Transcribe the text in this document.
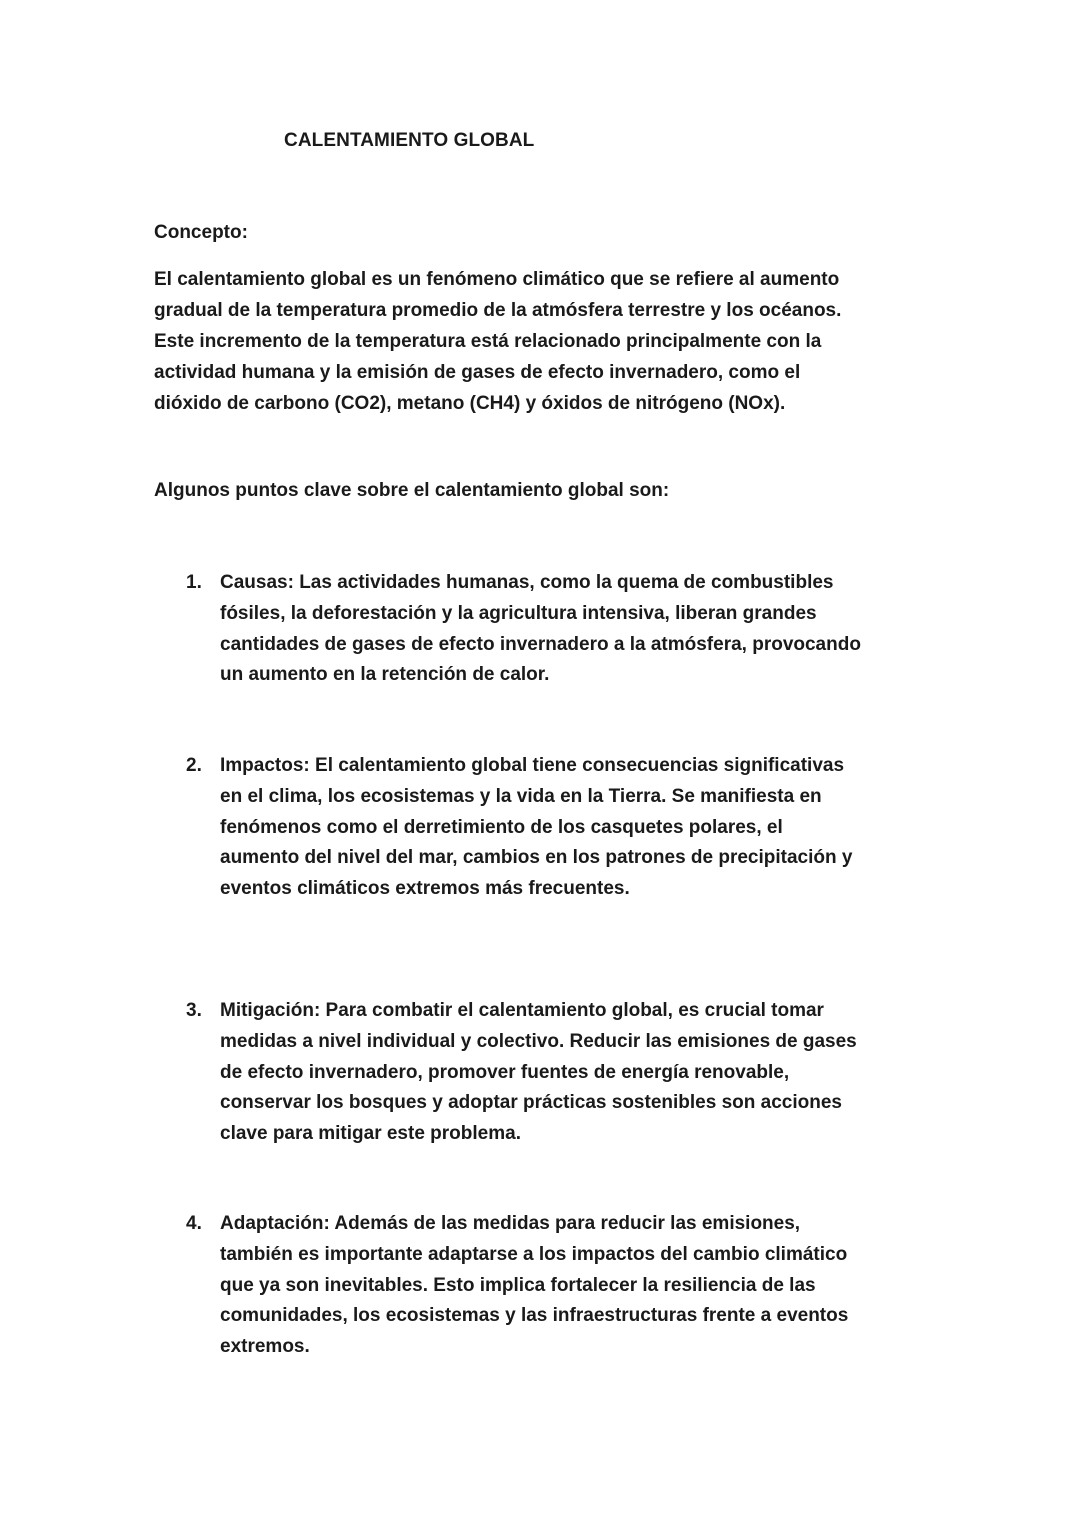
CALENTAMIENTO GLOBAL
Concepto:
El calentamiento global es un fenómeno climático que se refiere al aumento
gradual de la temperatura promedio de la atmósfera terrestre y los océanos.
Este incremento de la temperatura está relacionado principalmente con la
actividad humana y la emisión de gases de efecto invernadero, como el
dióxido de carbono (CO2), metano (CH4) y óxidos de nitrógeno (NOx).
Algunos puntos clave sobre el calentamiento global son:
1. Causas: Las actividades humanas, como la quema de combustibles
fósiles, la deforestación y la agricultura intensiva, liberan grandes
cantidades de gases de efecto invernadero a la atmósfera, provocando
un aumento en la retención de calor.
2. Impactos: El calentamiento global tiene consecuencias significativas
en el clima, los ecosistemas y la vida en la Tierra. Se manifiesta en
fenómenos como el derretimiento de los casquetes polares, el
aumento del nivel del mar, cambios en los patrones de precipitación y
eventos climáticos extremos más frecuentes.
3. Mitigación: Para combatir el calentamiento global, es crucial tomar
medidas a nivel individual y colectivo. Reducir las emisiones de gases
de efecto invernadero, promover fuentes de energía renovable,
conservar los bosques y adoptar prácticas sostenibles son acciones
clave para mitigar este problema.
4. Adaptación: Además de las medidas para reducir las emisiones,
también es importante adaptarse a los impactos del cambio climático
que ya son inevitables. Esto implica fortalecer la resiliencia de las
comunidades, los ecosistemas y las infraestructuras frente a eventos
extremos.
